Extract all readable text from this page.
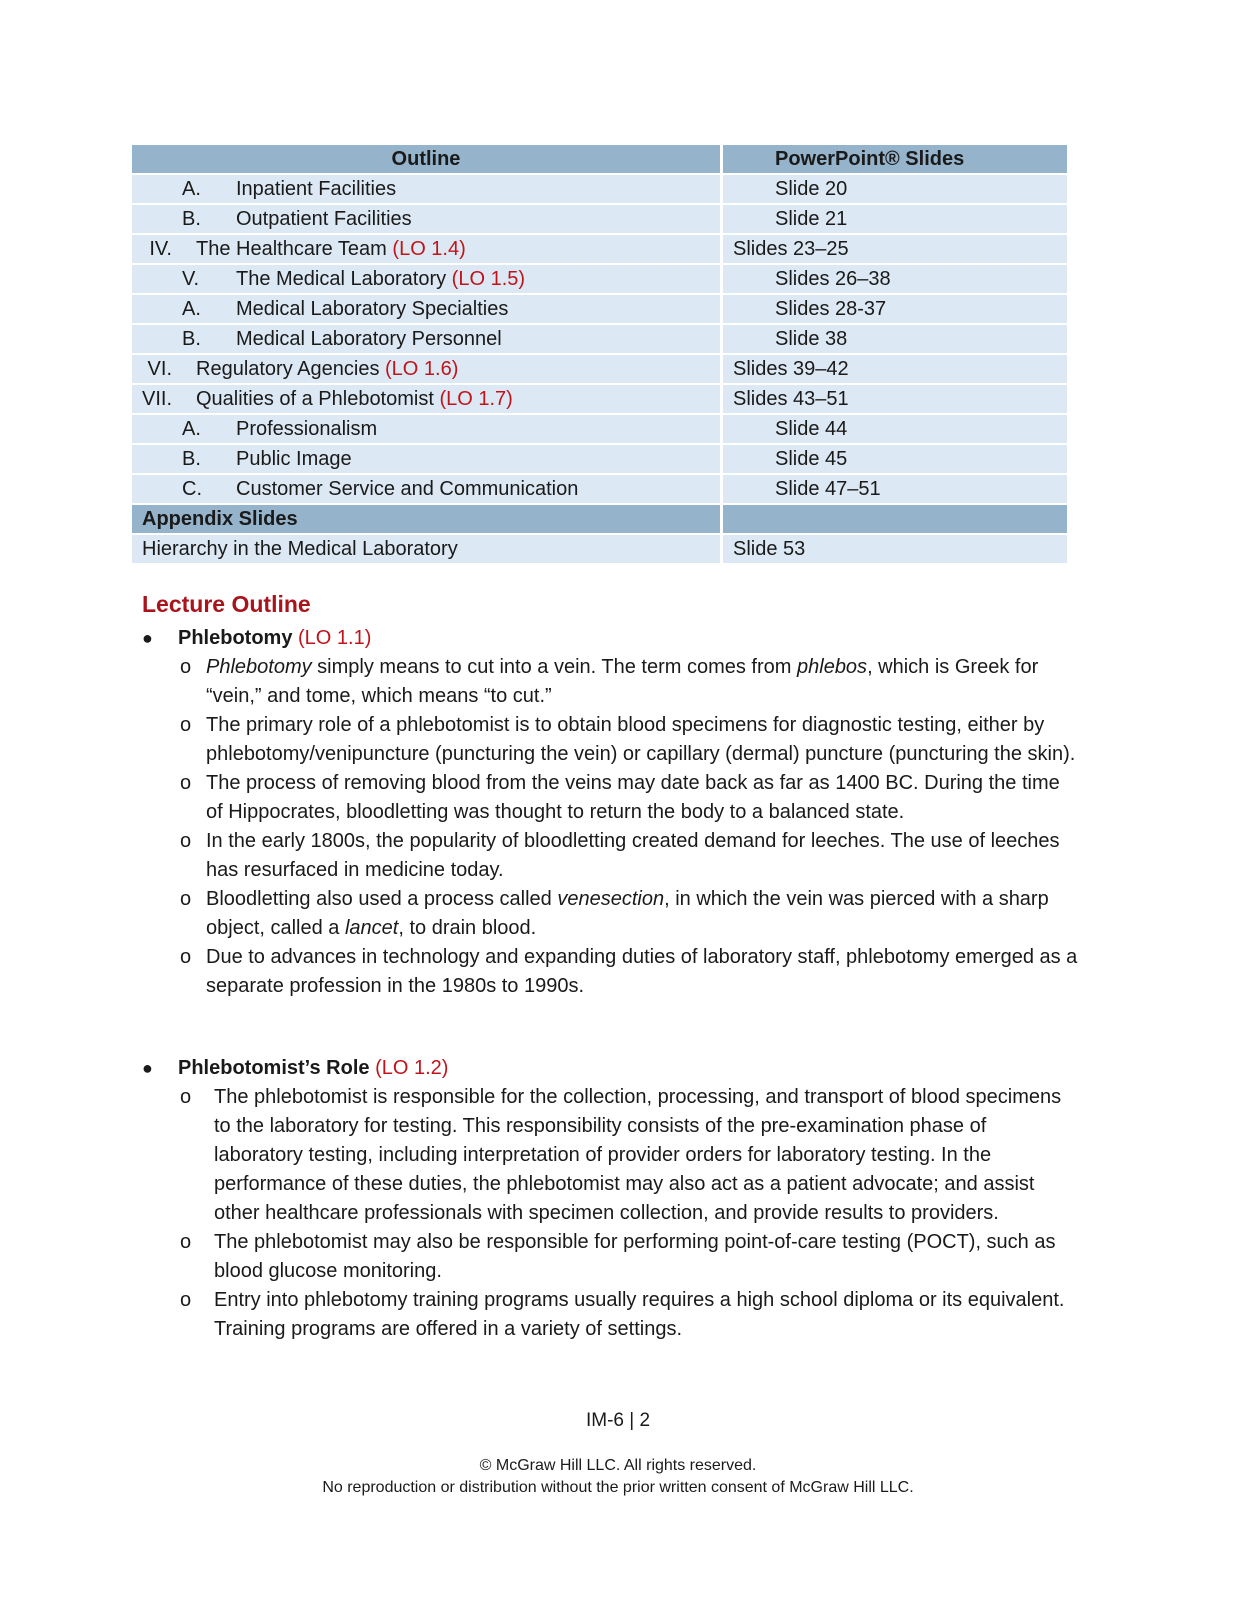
Outline	PowerPoint® Slides

A. Inpatient Facilities	Slide 20

B. Outpatient Facilities	Slide 21

IV. The Healthcare Team (LO 1.4)	Slides 23–25

V. The Medical Laboratory (LO 1.5)	Slides 26–38

A. Medical Laboratory Specialties	Slides 28-37

B. Medical Laboratory Personnel	Slide 38

VI. Regulatory Agencies (LO 1.6)	Slides 39–42

VII. Qualities of a Phlebotomist (LO 1.7)	Slides 43–51

A. Professionalism	Slide 44

B. Public Image	Slide 45

C. Customer Service and Communication	Slide 47–51
Appendix Slides	
Hierarchy in the Medical Laboratory	Slide 53
Lecture Outline
● Phlebotomy (LO 1.1)
o Phlebotomy simply means to cut into a vein. The term comes from phlebos, which is Greek for “vein,” and tome, which means “to cut.”
o The primary role of a phlebotomist is to obtain blood specimens for diagnostic testing, either by phlebotomy/venipuncture (puncturing the vein) or capillary (dermal) puncture (puncturing the skin).
o The process of removing blood from the veins may date back as far as 1400 BC. During the time of Hippocrates, bloodletting was thought to return the body to a balanced state.
o In the early 1800s, the popularity of bloodletting created demand for leeches. The use of leeches has resurfaced in medicine today.
o Bloodletting also used a process called venesection, in which the vein was pierced with a sharp object, called a lancet, to drain blood.
o Due to advances in technology and expanding duties of laboratory staff, phlebotomy emerged as a separate profession in the 1980s to 1990s.
● Phlebotomist’s Role (LO 1.2)
o The phlebotomist is responsible for the collection, processing, and transport of blood specimens to the laboratory for testing. This responsibility consists of the pre-examination phase of laboratory testing, including interpretation of provider orders for laboratory testing. In the performance of these duties, the phlebotomist may also act as a patient advocate; and assist other healthcare professionals with specimen collection, and provide results to providers.
o The phlebotomist may also be responsible for performing point-of-care testing (POCT), such as blood glucose monitoring.
o Entry into phlebotomy training programs usually requires a high school diploma or its equivalent. Training programs are offered in a variety of settings.
IM-6 | 2
© McGraw Hill LLC. All rights reserved.
No reproduction or distribution without the prior written consent of McGraw Hill LLC.
